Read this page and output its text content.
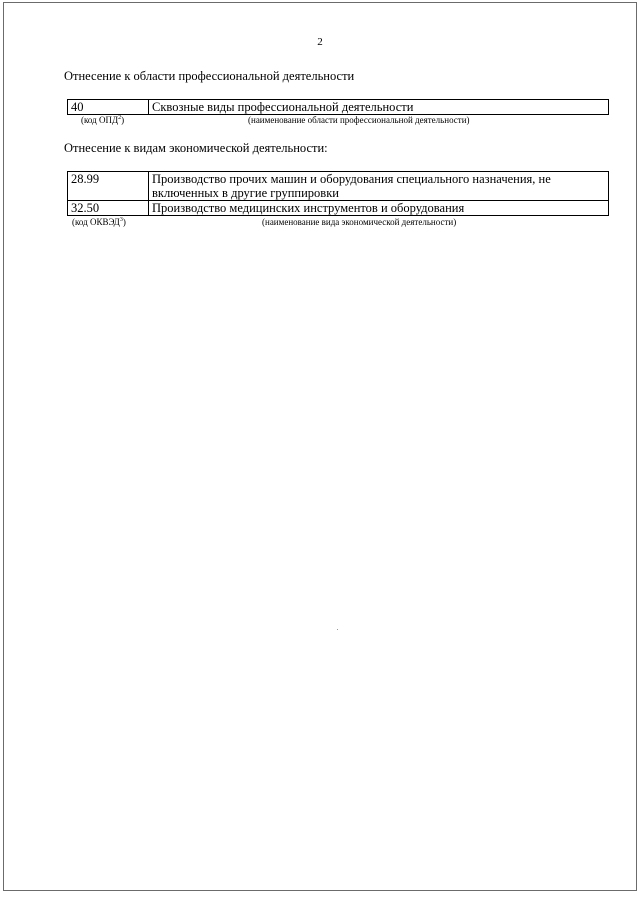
2
Отнесение к области профессиональной деятельности
40	Сквозные виды профессиональной деятельности
(код ОПД$^2$)	(наименование области профессиональной деятельности)
Отнесение к видам экономической деятельности:
28.99	Производство прочих машин и оборудования специального назначения, не включенных в другие группировки
32.50	Производство медицинских инструментов и оборудования
(код ОКВЭД$^3$)	(наименование вида экономической деятельности)
